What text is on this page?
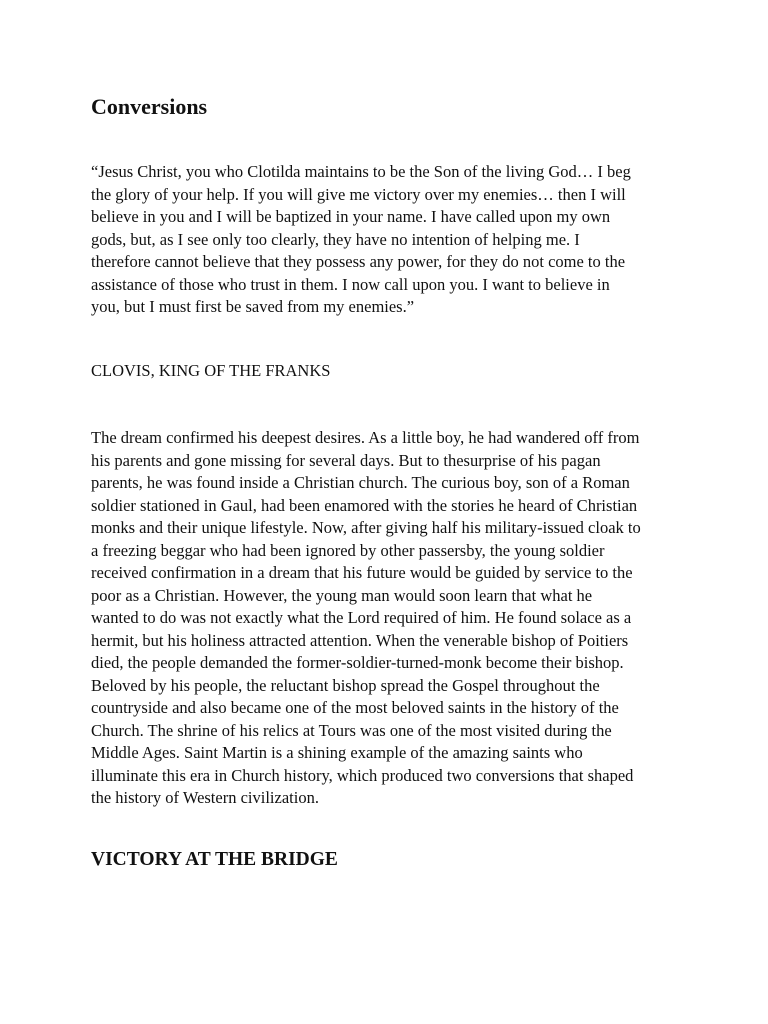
Conversions

“Jesus Christ, you who Clotilda maintains to be the Son of the living God… I beg
the glory of your help. If you will give me victory over my enemies… then I will
believe in you and I will be baptized in your name. I have called upon my own
gods, but, as I see only too clearly, they have no intention of helping me. I
therefore cannot believe that they possess any power, for they do not come to the
assistance of those who trust in them. I now call upon you. I want to believe in
you, but I must first be saved from my enemies.”

CLOVIS, KING OF THE FRANKS

The dream confirmed his deepest desires. As a little boy, he had wandered off from
his parents and gone missing for several days. But to thesurprise of his pagan
parents, he was found inside a Christian church. The curious boy, son of a Roman
soldier stationed in Gaul, had been enamored with the stories he heard of Christian
monks and their unique lifestyle. Now, after giving half his military-issued cloak to
a freezing beggar who had been ignored by other passersby, the young soldier
received confirmation in a dream that his future would be guided by service to the
poor as a Christian. However, the young man would soon learn that what he
wanted to do was not exactly what the Lord required of him. He found solace as a
hermit, but his holiness attracted attention. When the venerable bishop of Poitiers
died, the people demanded the former-soldier-turned-monk become their bishop.
Beloved by his people, the reluctant bishop spread the Gospel throughout the
countryside and also became one of the most beloved saints in the history of the
Church. The shrine of his relics at Tours was one of the most visited during the
Middle Ages. Saint Martin is a shining example of the amazing saints who
illuminate this era in Church history, which produced two conversions that shaped
the history of Western civilization.

VICTORY AT THE BRIDGE
